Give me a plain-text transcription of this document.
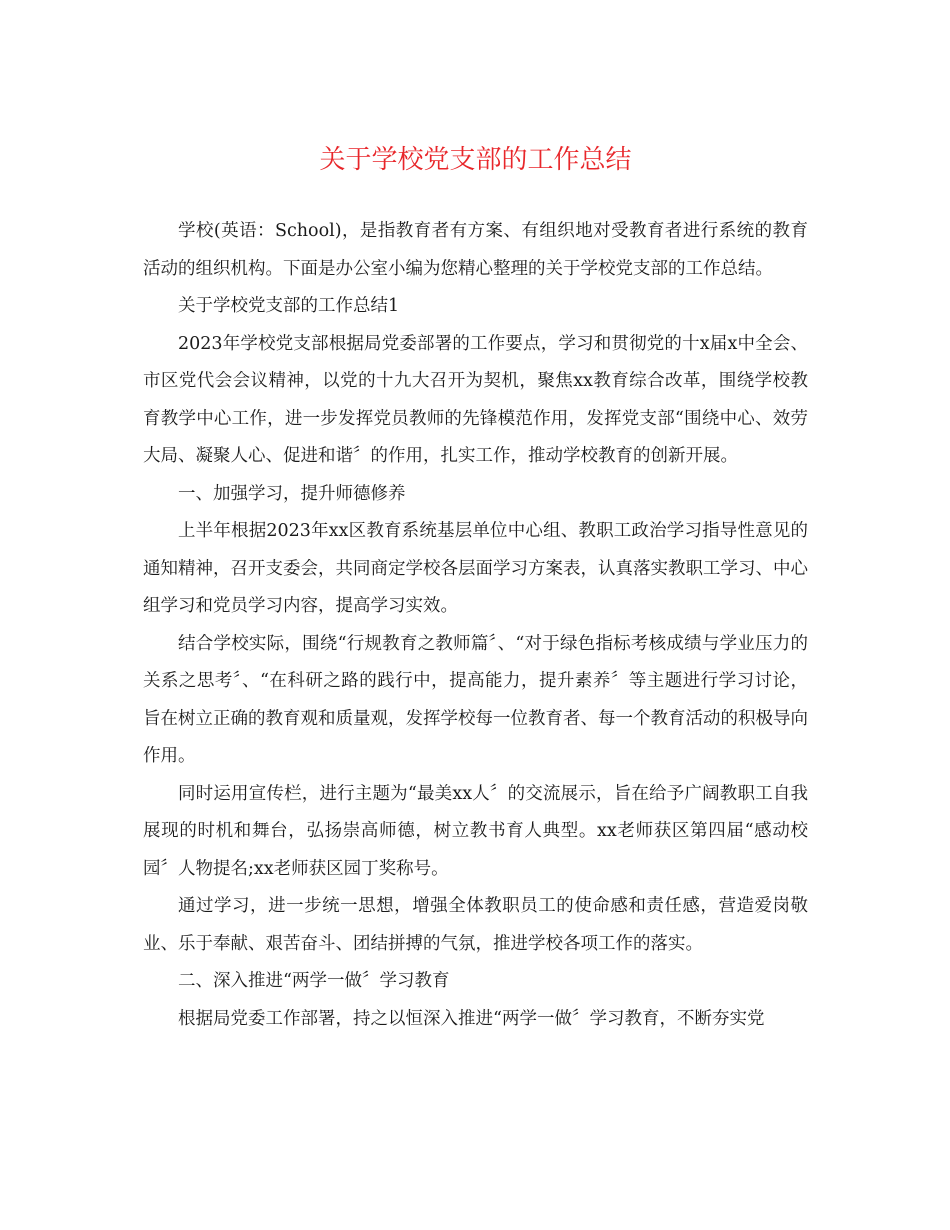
关于学校党支部的工作总结

学校(英语：School)，是指教育者有方案、有组织地对受教育者进行系统的教育活动的组织机构。下面是办公室小编为您精心整理的关于学校党支部的工作总结。

关于学校党支部的工作总结1

2023年学校党支部根据局党委部署的工作要点，学习和贯彻党的十x届x中全会、市区党代会会议精神，以党的十九大召开为契机，聚焦xx教育综合改革，围绕学校教育教学中心工作，进一步发挥党员教师的先锋模范作用，发挥党支部“围绕中心、效劳大局、凝聚人心、促进和谐〞的作用，扎实工作，推动学校教育的创新开展。

一、加强学习，提升师德修养

上半年根据2023年xx区教育系统基层单位中心组、教职工政治学习指导性意见的通知精神，召开支委会，共同商定学校各层面学习方案表，认真落实教职工学习、中心组学习和党员学习内容，提高学习实效。

结合学校实际，围绕“行规教育之教师篇〞、“对于绿色指标考核成绩与学业压力的关系之思考〞、“在科研之路的践行中，提高能力，提升素养〞等主题进行学习讨论，旨在树立正确的教育观和质量观，发挥学校每一位教育者、每一个教育活动的积极导向作用。

同时运用宣传栏，进行主题为“最美xx人〞的交流展示，旨在给予广阔教职工自我展现的时机和舞台，弘扬崇高师德，树立教书育人典型。xx老师获区第四届“感动校园〞人物提名;xx老师获区园丁奖称号。

通过学习，进一步统一思想，增强全体教职员工的使命感和责任感，营造爱岗敬业、乐于奉献、艰苦奋斗、团结拼搏的气氛，推进学校各项工作的落实。

二、深入推进“两学一做〞学习教育

根据局党委工作部署，持之以恒深入推进“两学一做〞学习教育，不断夯实党
